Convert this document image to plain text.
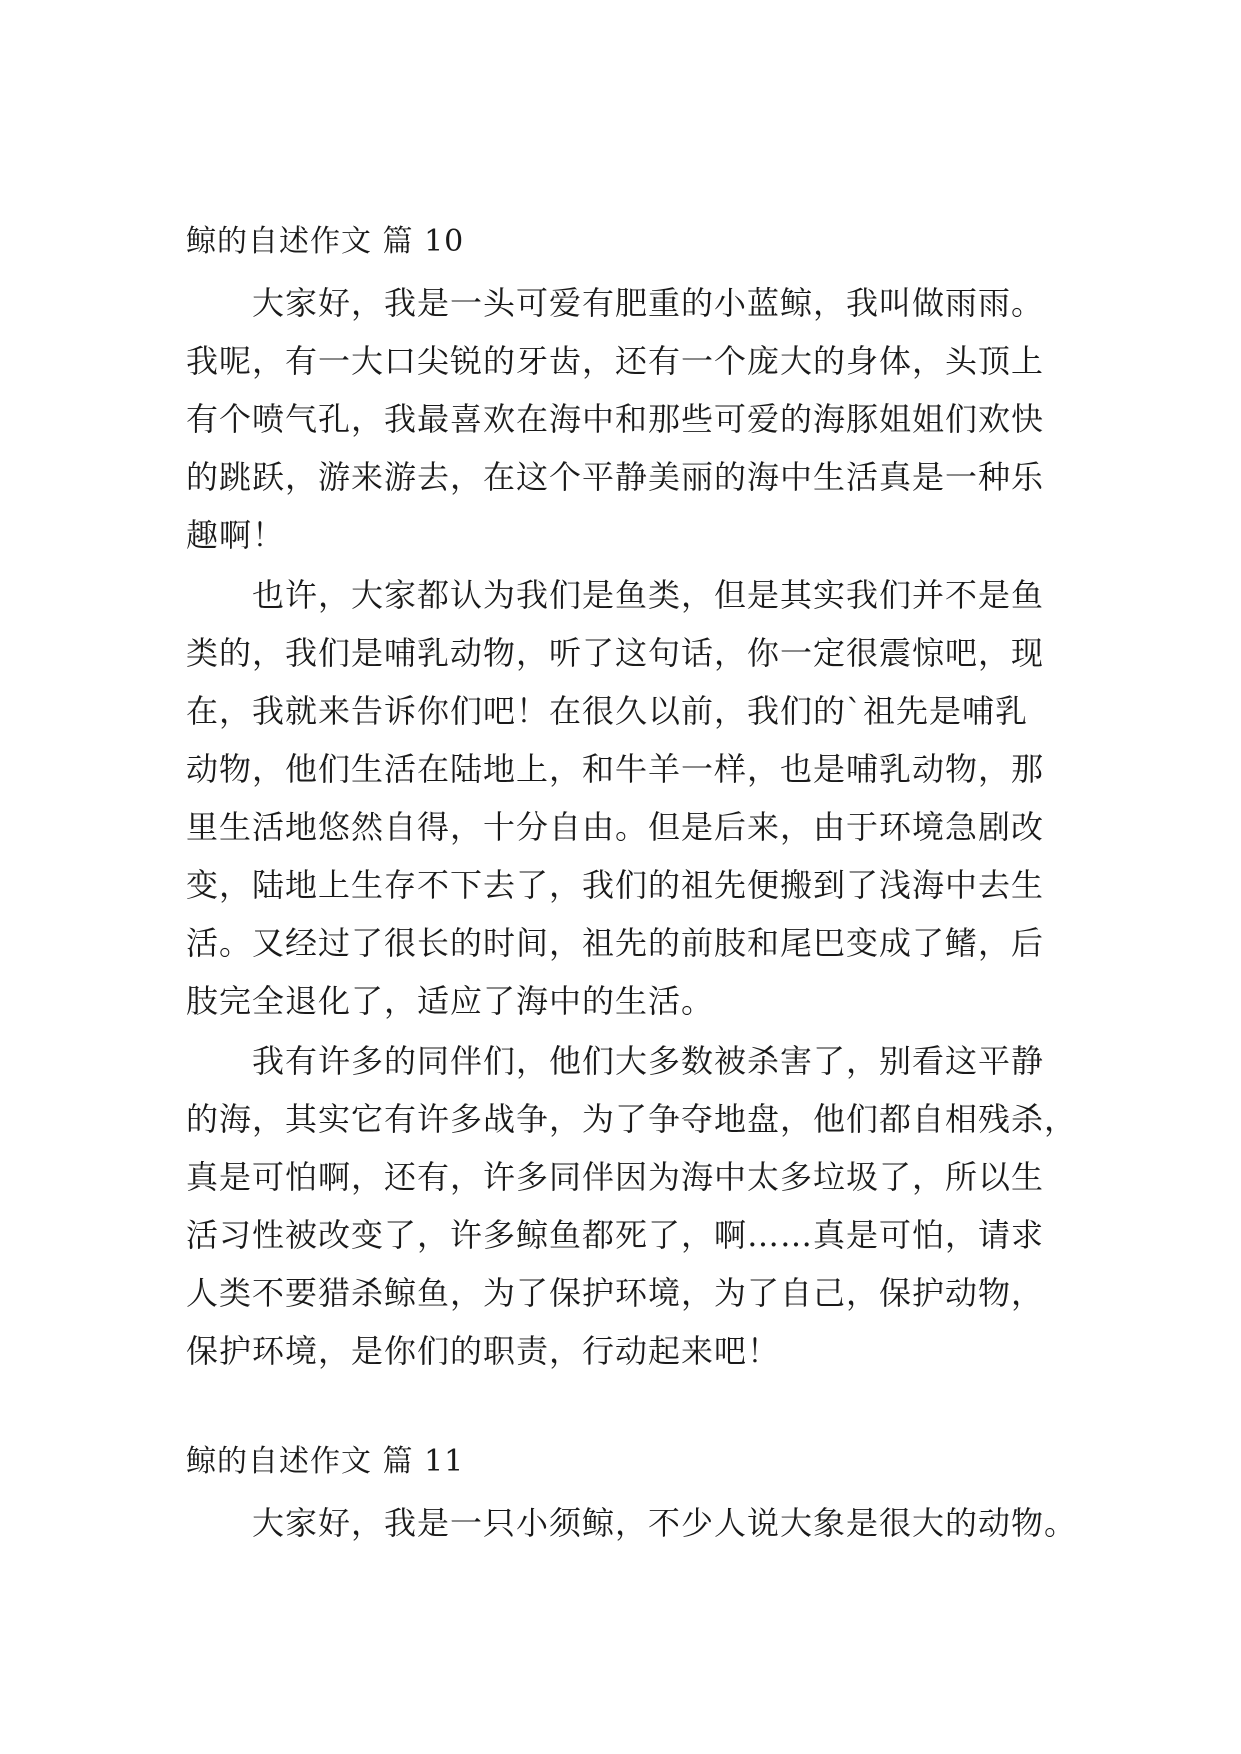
鲸的自述作文 篇 10
大家好，我是一头可爱有肥重的小蓝鲸，我叫做雨雨。
我呢，有一大口尖锐的牙齿，还有一个庞大的身体，头顶上
有个喷气孔，我最喜欢在海中和那些可爱的海豚姐姐们欢快
的跳跃，游来游去，在这个平静美丽的海中生活真是一种乐
趣啊！
也许，大家都认为我们是鱼类，但是其实我们并不是鱼
类的，我们是哺乳动物，听了这句话，你一定很震惊吧，现
在，我就来告诉你们吧！在很久以前，我们的`祖先是哺乳
动物，他们生活在陆地上，和牛羊一样，也是哺乳动物，那
里生活地悠然自得，十分自由。但是后来，由于环境急剧改
变，陆地上生存不下去了，我们的祖先便搬到了浅海中去生
活。又经过了很长的时间，祖先的前肢和尾巴变成了鳍，后
肢完全退化了，适应了海中的生活。
我有许多的同伴们，他们大多数被杀害了，别看这平静
的海，其实它有许多战争，为了争夺地盘，他们都自相残杀，
真是可怕啊，还有，许多同伴因为海中太多垃圾了，所以生
活习性被改变了，许多鲸鱼都死了，啊……真是可怕，请求
人类不要猎杀鲸鱼，为了保护环境，为了自己，保护动物，
保护环境，是你们的职责，行动起来吧！
鲸的自述作文 篇 11
大家好，我是一只小须鲸，不少人说大象是很大的动物。
